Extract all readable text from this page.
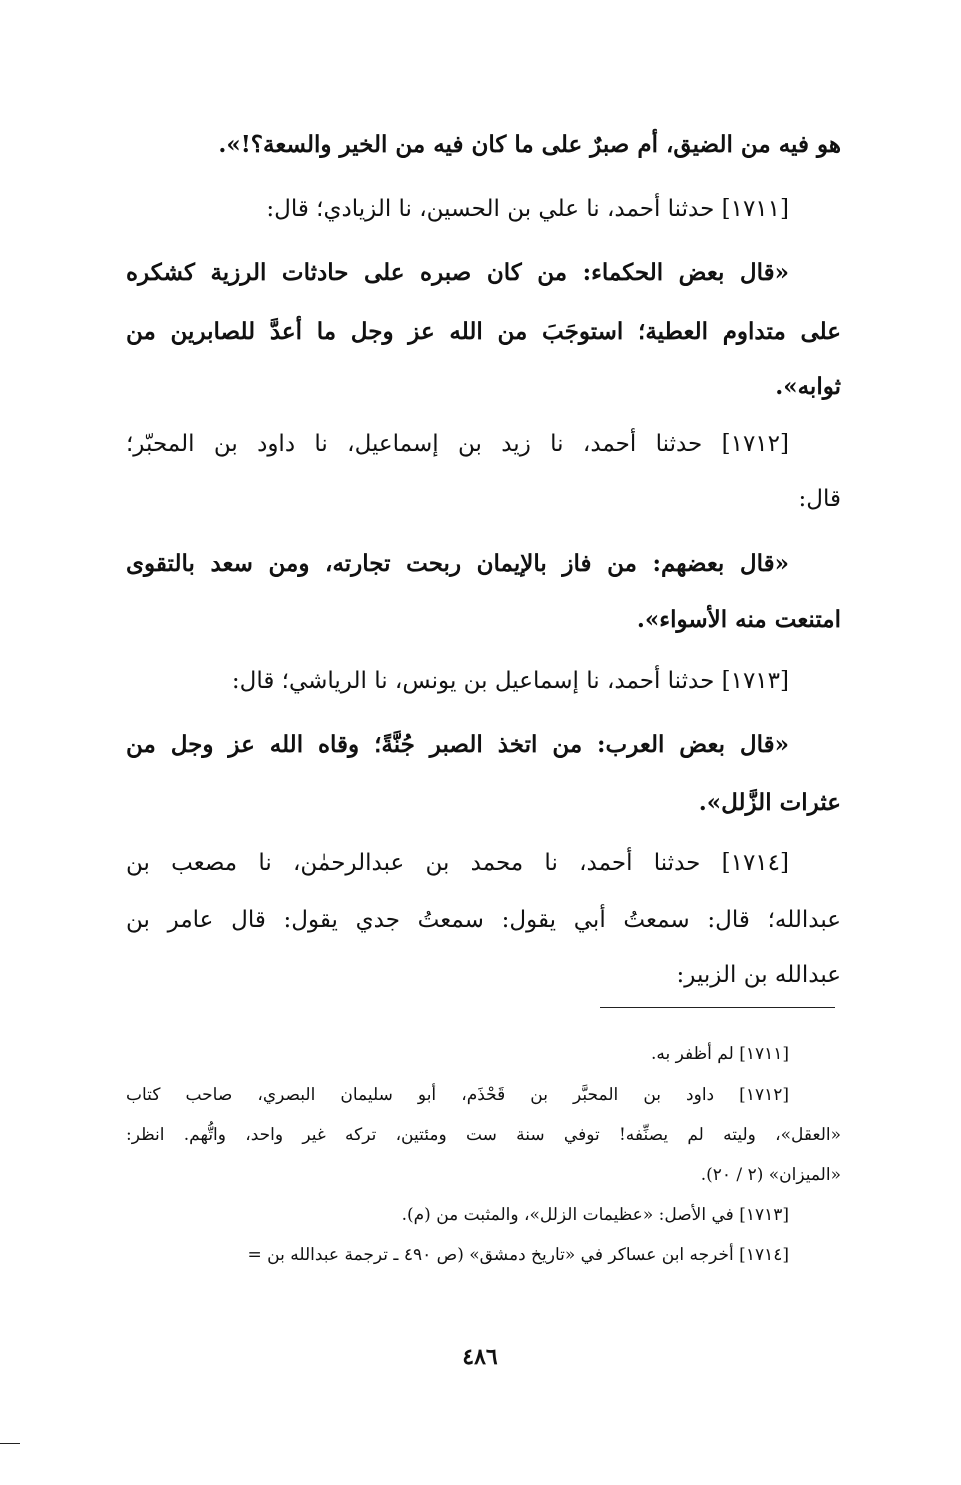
هو فيه من الضيق، أم صبرٌ على ما كان فيه من الخير والسعة؟!».
[١٧١١] حدثنا أحمد، نا علي بن الحسين، نا الزيادي؛ قال:
«قال بعض الحكماء: من كان صبره على حادثات الرزية كشكره
على متداوم العطية؛ استوجَبَ من الله عز وجل ما أعدَّ للصابرين من
ثوابه».
[١٧١٢] حدثنا أحمد، نا زيد بن إسماعيل، نا داود بن المحبّر؛
قال:
«قال بعضهم: من فاز بالإيمان ربحت تجارته، ومن سعد بالتقوى
امتنعت منه الأسواء».
[١٧١٣] حدثنا أحمد، نا إسماعيل بن يونس، نا الرياشي؛ قال:
«قال بعض العرب: من اتخذ الصبر جُنَّةً؛ وقاه الله عز وجل من
عثرات الزَّلل».
[١٧١٤] حدثنا أحمد، نا محمد بن عبدالرحمٰن، نا مصعب بن
عبدالله؛ قال: سمعتُ أبي يقول: سمعتُ جدي يقول: قال عامر بن
عبدالله بن الزبير:
[١٧١١] لم أظفر به.
[١٧١٢] داود بن المحبَّر بن قَحْذَم، أبو سليمان البصري، صاحب كتاب
«العقل»، وليته لم يصنِّفه! توفي سنة ست ومئتين، تركه غير واحد، واتُّهم. انظر:
«الميزان» (٢ / ٢٠).
[١٧١٣] في الأصل: «عظيمات الزلل»، والمثبت من (م).
[١٧١٤] أخرجه ابن عساكر في «تاريخ دمشق» (ص ٤٩٠ ـ ترجمة عبدالله بن =
٤٨٦
